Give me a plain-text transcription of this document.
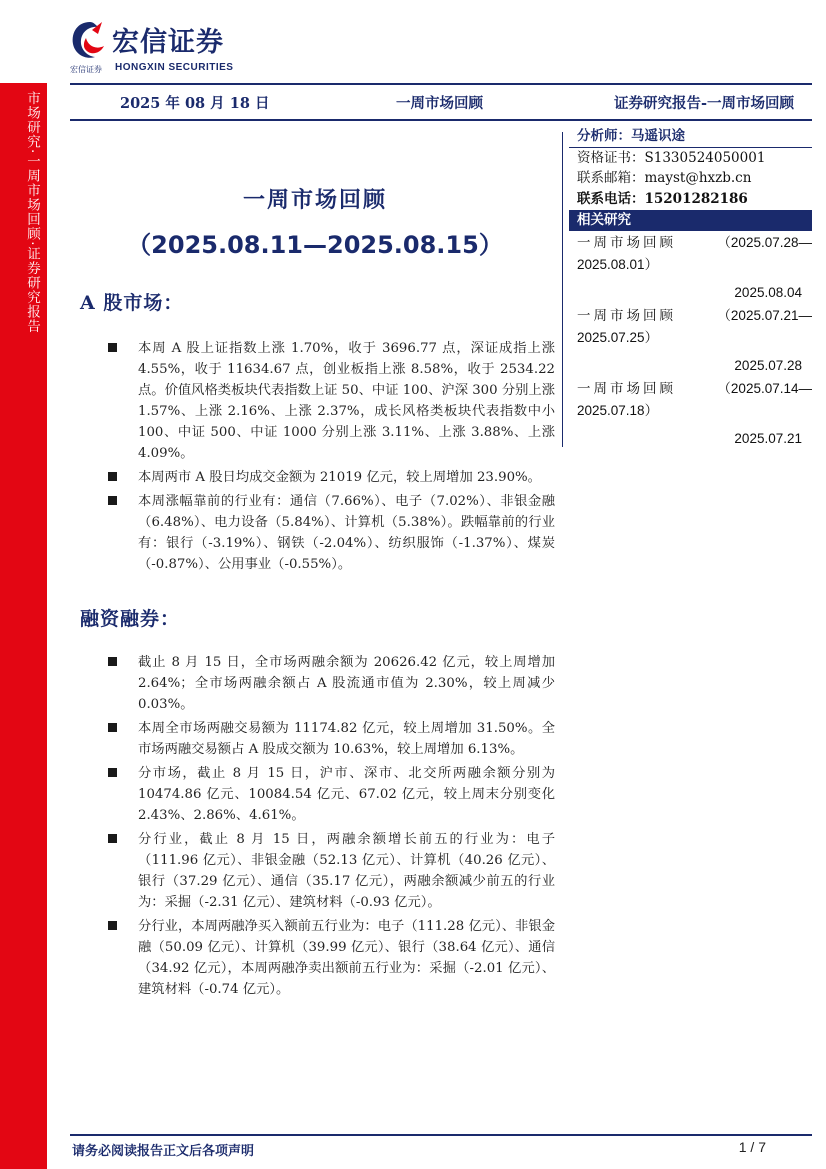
市场研究·一周市场回顾·证券研究报告
宏信证券
宏信证券 HONGXIN SECURITIES
2025 年 08 月 18 日	一周市场回顾	证券研究报告-一周市场回顾
一周市场回顾
（2025.08.11—2025.08.15）
A 股市场：
本周 A 股上证指数上涨 1.70%，收于 3696.77 点，深证成指上涨 4.55%，收于 11634.67 点，创业板指上涨 8.58%，收于 2534.22 点。价值风格类板块代表指数上证 50、中证 100、沪深 300 分别上涨 1.57%、上涨 2.16%、上涨 2.37%，成长风格类板块代表指数中小 100、中证 500、中证 1000 分别上涨 3.11%、上涨 3.88%、上涨 4.09%。
本周两市 A 股日均成交金额为 21019 亿元，较上周增加 23.90%。
本周涨幅靠前的行业有：通信（7.66%）、电子（7.02%）、非银金融（6.48%）、电力设备（5.84%）、计算机（5.38%）。跌幅靠前的行业有：银行（-3.19%）、钢铁（-2.04%）、纺织服饰（-1.37%）、煤炭（-0.87%）、公用事业（-0.55%）。
融资融券：
截止 8 月 15 日，全市场两融余额为 20626.42 亿元，较上周增加 2.64%；全市场两融余额占 A 股流通市值为 2.30%，较上周减少 0.03%。
本周全市场两融交易额为 11174.82 亿元，较上周增加 31.50%。全市场两融交易额占 A 股成交额为 10.63%，较上周增加 6.13%。
分市场，截止 8 月 15 日，沪市、深市、北交所两融余额分别为 10474.86 亿元、10084.54 亿元、67.02 亿元，较上周末分别变化 2.43%、2.86%、4.61%。
分行业，截止 8 月 15 日，两融余额增长前五的行业为：电子（111.96 亿元）、非银金融（52.13 亿元）、计算机（40.26 亿元）、银行（37.29 亿元）、通信（35.17 亿元），两融余额减少前五的行业为：采掘（-2.31 亿元）、建筑材料（-0.93 亿元）。
分行业，本周两融净买入额前五行业为：电子（111.28 亿元）、非银金融（50.09 亿元）、计算机（39.99 亿元）、银行（38.64 亿元）、通信（34.92 亿元），本周两融净卖出额前五行业为：采掘（-2.01 亿元）、建筑材料（-0.74 亿元）。
分析师：马遥识途
资格证书：S1330524050001
联系邮箱：mayst@hxzb.cn
联系电话：15201282186
相关研究
一周市场回顾	（2025.07.28—
2025.08.01）
2025.08.04
一周市场回顾	（2025.07.21—
2025.07.25）
2025.07.28
一周市场回顾	（2025.07.14—
2025.07.18）
2025.07.21
请务必阅读报告正文后各项声明	1 / 7
